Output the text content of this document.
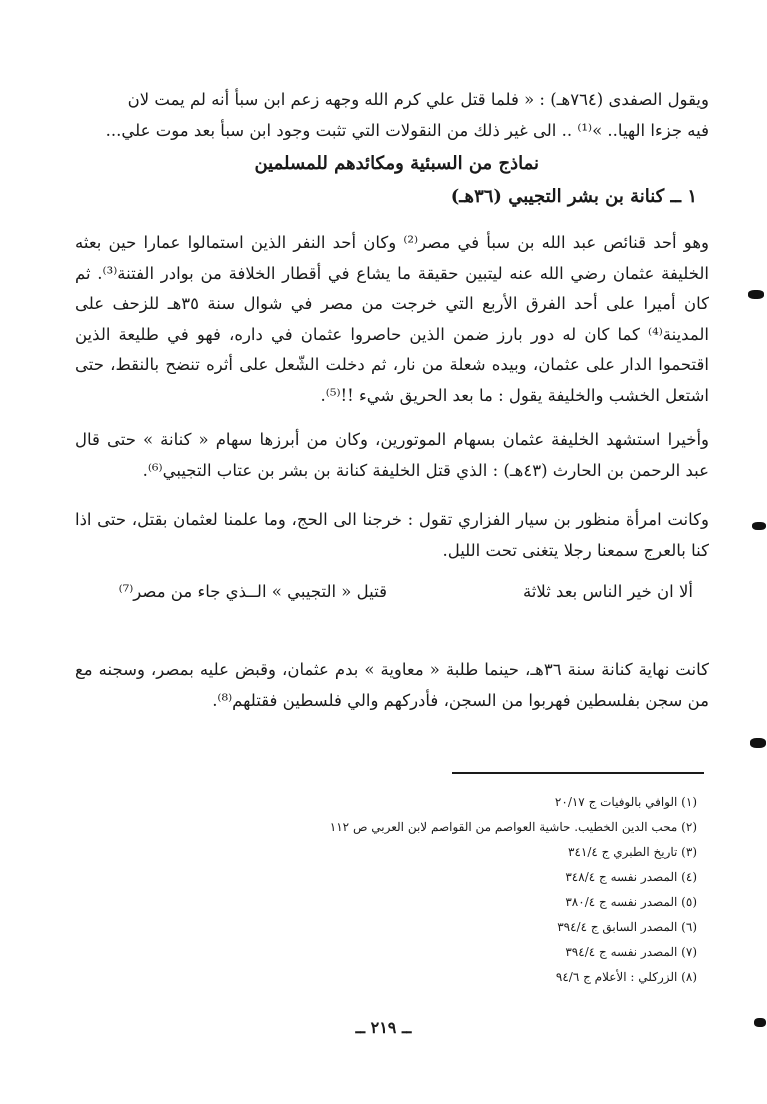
ويقول الصفدى (٧٦٤هـ) : « فلما قتل علي كرم الله وجهه زعم ابن سبأ أنه لم يمت لان
فيه جزءا الهيا.. »⁽¹⁾ .. الى غير ذلك من النقولات التي تثبت وجود ابن سبأ بعد موت علي...
نماذج من السبئية ومكائدهم للمسلمين
١ ــ كنانة بن بشر التجيبي (٣٦هـ)
وهو أحد قنائص عبد الله بن سبأ في مصر⁽²⁾ وكان أحد النفر الذين استمالوا عمارا حين بعثه الخليفة عثمان رضي الله عنه ليتبين حقيقة ما يشاع في أقطار الخلافة من بوادر الفتنة⁽³⁾. ثم كان أميرا على أحد الفرق الأربع التي خرجت من مصر في شوال سنة ٣٥هـ للزحف على المدينة⁽⁴⁾ كما كان له دور بارز ضمن الذين حاصروا عثمان في داره، فهو في طليعة الذين اقتحموا الدار على عثمان، وبيده شعلة من نار، ثم دخلت الشّعل على أثره تنضح بالنقط، حتى اشتعل الخشب والخليفة يقول : ما بعد الحريق شيء !!⁽⁵⁾.
وأخيرا استشهد الخليفة عثمان بسهام الموتورين، وكان من أبرزها سهام « كنانة » حتى قال عبد الرحمن بن الحارث (٤٣هـ) : الذي قتل الخليفة كنانة بن بشر بن عتاب التجيبي⁽⁶⁾.
وكانت امرأة منظور بن سيار الفزاري تقول : خرجنا الى الحج، وما علمنا لعثمان بقتل، حتى اذا كنا بالعرج سمعنا رجلا يتغنى تحت الليل.
ألا ان خير الناس بعد ثلاثة
قتيل « التجيبي » الــذي جاء من مصر⁽⁷⁾
كانت نهاية كنانة سنة ٣٦هـ، حينما طلبة « معاوية » بدم عثمان، وقبض عليه بمصر، وسجنه مع من سجن بفلسطين فهربوا من السجن، فأدركهم والي فلسطين فقتلهم⁽⁸⁾.
(١) الوافي بالوفيات ج ٢٠/١٧
(٢) محب الدين الخطيب. حاشية العواصم من القواصم لابن العربي ص ١١٢
(٣) تاريخ الطبري ج ٣٤١/٤
(٤) المصدر نفسه ج ٣٤٨/٤
(٥) المصدر نفسه ج ٣٨٠/٤
(٦) المصدر السابق ج ٣٩٤/٤
(٧) المصدر نفسه ج ٣٩٤/٤
(٨) الزركلي : الأعلام ج ٩٤/٦
ــ ٢١٩ ــ
